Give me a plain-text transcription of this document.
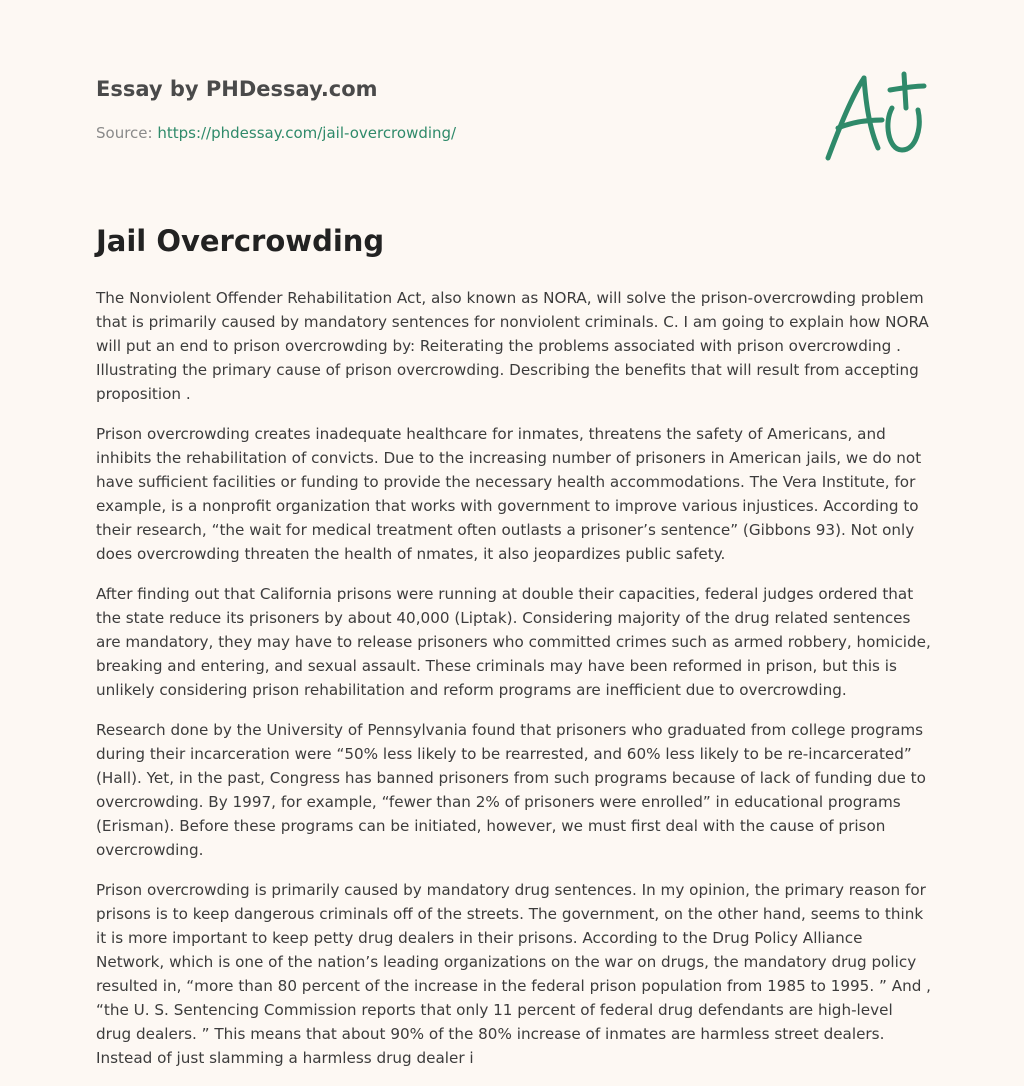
Essay by PHDessay.com
Source: https://phdessay.com/jail-overcrowding/
Jail Overcrowding

The Nonviolent Offender Rehabilitation Act, also known as NORA, will solve the prison-overcrowding problem that is primarily caused by mandatory sentences for nonviolent criminals. C. I am going to explain how NORA will put an end to prison overcrowding by: Reiterating the problems associated with prison overcrowding . Illustrating the primary cause of prison overcrowding. Describing the benefits that will result from accepting proposition .

Prison overcrowding creates inadequate healthcare for inmates, threatens the safety of Americans, and inhibits the rehabilitation of convicts. Due to the increasing number of prisoners in American jails, we do not have sufficient facilities or funding to provide the necessary health accommodations. The Vera Institute, for example, is a nonprofit organization that works with government to improve various injustices. According to their research, “the wait for medical treatment often outlasts a prisoner’s sentence” (Gibbons 93). Not only does overcrowding threaten the health of nmates, it also jeopardizes public safety.

After finding out that California prisons were running at double their capacities, federal judges ordered that the state reduce its prisoners by about 40,000 (Liptak). Considering majority of the drug related sentences are mandatory, they may have to release prisoners who committed crimes such as armed robbery, homicide, breaking and entering, and sexual assault. These criminals may have been reformed in prison, but this is unlikely considering prison rehabilitation and reform programs are inefficient due to overcrowding.

Research done by the University of Pennsylvania found that prisoners who graduated from college programs during their incarceration were “50% less likely to be rearrested, and 60% less likely to be re-incarcerated” (Hall). Yet, in the past, Congress has banned prisoners from such programs because of lack of funding due to overcrowding. By 1997, for example, “fewer than 2% of prisoners were enrolled” in educational programs (Erisman). Before these programs can be initiated, however, we must first deal with the cause of prison overcrowding.

Prison overcrowding is primarily caused by mandatory drug sentences. In my opinion, the primary reason for prisons is to keep dangerous criminals off of the streets. The government, on the other hand, seems to think it is more important to keep petty drug dealers in their prisons. According to the Drug Policy Alliance Network, which is one of the nation’s leading organizations on the war on drugs, the mandatory drug policy resulted in, “more than 80 percent of the increase in the federal prison population from 1985 to 1995. ” And , “the U. S. Sentencing Commission reports that only 11 percent of federal drug defendants are high-level drug dealers. ” This means that about 90% of the 80% increase of inmates are harmless street dealers. Instead of just slamming a harmless drug dealer i
